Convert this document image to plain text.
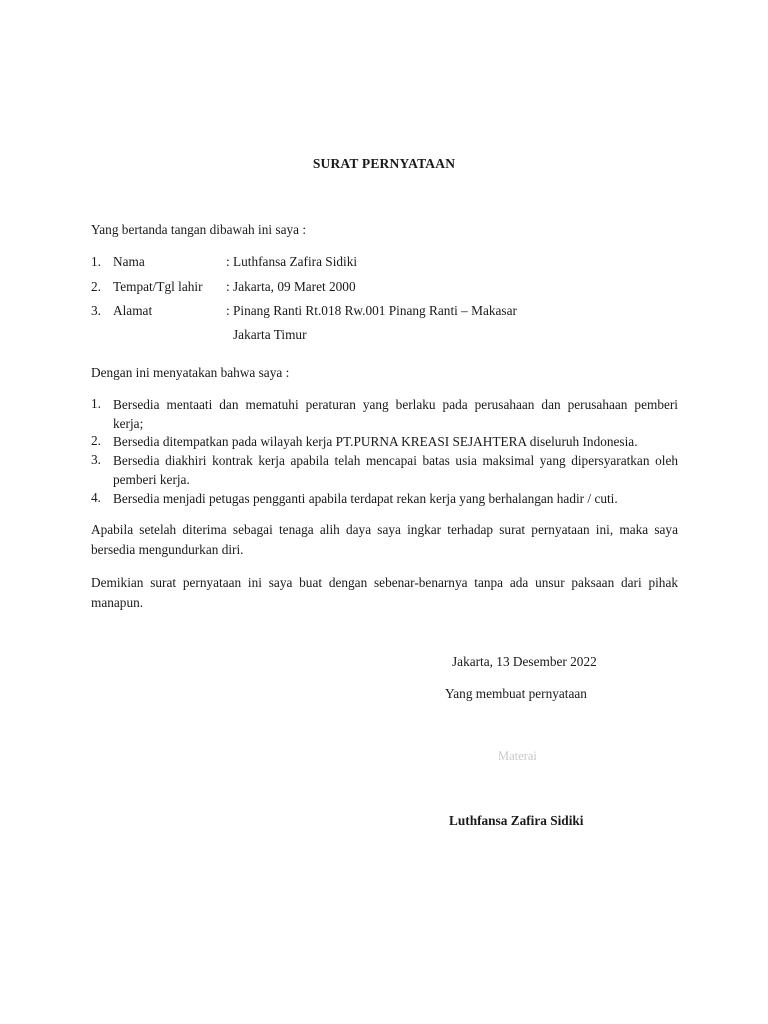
SURAT PERNYATAAN
Yang bertanda tangan dibawah ini saya :
1. Nama	: Luthfansa Zafira Sidiki
2. Tempat/Tgl lahir : Jakarta, 09 Maret 2000
3. Alamat	: Pinang Ranti Rt.018 Rw.001 Pinang Ranti – Makasar
Jakarta Timur
Dengan ini menyatakan bahwa saya :
1. Bersedia mentaati dan mematuhi peraturan yang berlaku pada perusahaan dan perusahaan pemberi
kerja;
2. Bersedia ditempatkan pada wilayah kerja PT.PURNA KREASI SEJAHTERA diseluruh Indonesia.
3. Bersedia diakhiri kontrak kerja apabila telah mencapai batas usia maksimal yang dipersyaratkan oleh
pemberi kerja.
4. Bersedia menjadi petugas pengganti apabila terdapat rekan kerja yang berhalangan hadir / cuti.
Apabila setelah diterima sebagai tenaga alih daya saya ingkar terhadap surat pernyataan ini, maka saya
bersedia mengundurkan diri.
Demikian surat pernyataan ini saya buat dengan sebenar-benarnya tanpa ada unsur paksaan dari pihak
manapun.
Jakarta, 13 Desember 2022
Yang membuat pernyataan
Materai
Luthfansa Zafira Sidiki
